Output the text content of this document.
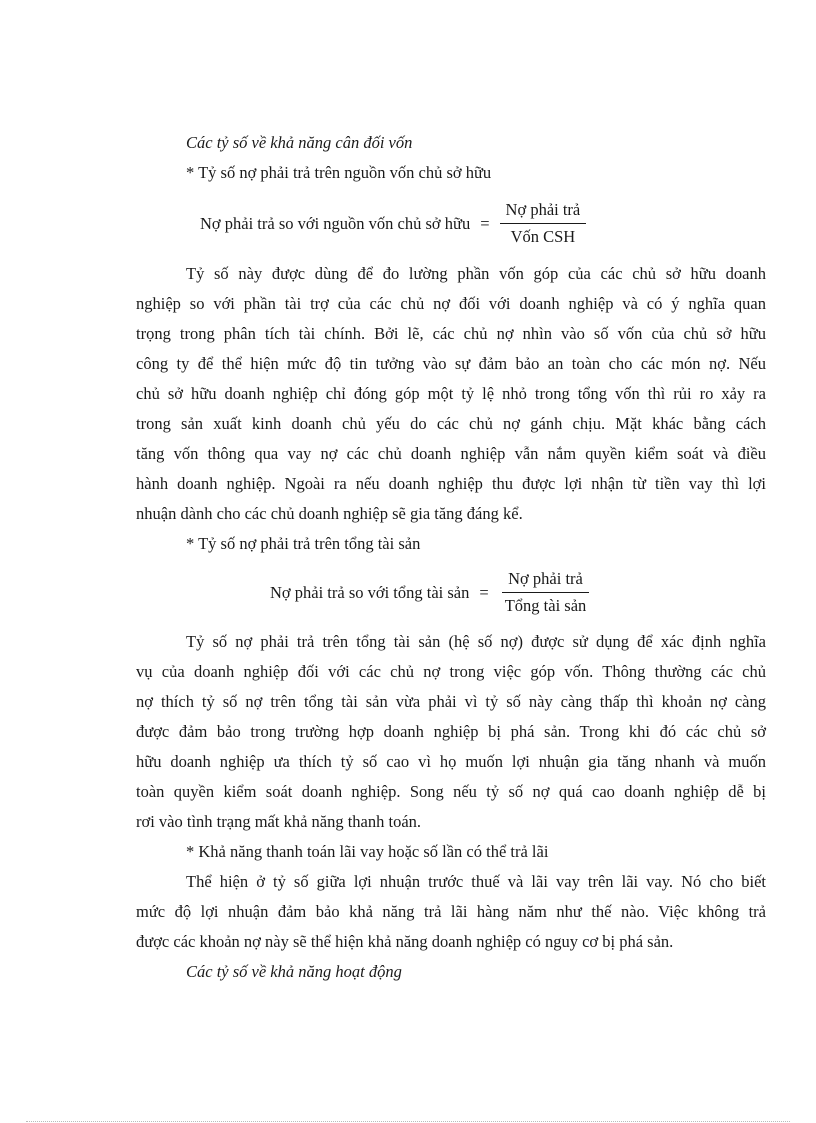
Các tỷ số về khả năng cân đối vốn

* Tỷ số nợ phải trả trên nguồn vốn chủ sở hữu

Nợ phải trả so với nguồn vốn chủ sở hữu = $\frac{\text{Nợ phải trả}}{\text{Vốn CSH}}$

Tỷ số này được dùng để đo lường phần vốn góp của các chủ sở hữu doanh

nghiệp so với phần tài trợ của các chủ nợ đối với doanh nghiệp và có ý nghĩa quan

trọng trong phân tích tài chính. Bởi lẽ, các chủ nợ nhìn vào số vốn của chủ sở hữu

công ty để thể hiện mức độ tin tưởng vào sự đảm bảo an toàn cho các món nợ. Nếu

chủ sở hữu doanh nghiệp chỉ đóng góp một tỷ lệ nhỏ trong tổng vốn thì rủi ro xảy ra

trong sản xuất kinh doanh chủ yếu do các chủ nợ gánh chịu. Mặt khác bằng cách

tăng vốn thông qua vay nợ các chủ doanh nghiệp vẫn nắm quyền kiểm soát và điều

hành doanh nghiệp. Ngoài ra nếu doanh nghiệp thu được lợi nhận từ tiền vay thì lợi

nhuận dành cho các chủ doanh nghiệp sẽ gia tăng đáng kể.

* Tỷ số nợ phải trả trên tổng tài sản

Nợ phải trả so với tổng tài sản = $\frac{\text{Nợ phải trả}}{\text{Tổng tài sản}}$

Tỷ số nợ phải trả trên tổng tài sản (hệ số nợ) được sử dụng để xác định nghĩa

vụ của doanh nghiệp đối với các chủ nợ trong việc góp vốn. Thông thường các chủ

nợ thích tỷ số nợ trên tổng tài sản vừa phải vì tỷ số này càng thấp thì khoản nợ càng

được đảm bảo trong trường hợp doanh nghiệp bị phá sản. Trong khi đó các chủ sở

hữu doanh nghiệp ưa thích tỷ số cao vì họ muốn lợi nhuận gia tăng nhanh và muốn

toàn quyền kiểm soát doanh nghiệp. Song nếu tỷ số nợ quá cao doanh nghiệp dễ bị

rơi vào tình trạng mất khả năng thanh toán.

* Khả năng thanh toán lãi vay hoặc số lần có thể trả lãi

Thể hiện ở tỷ số giữa lợi nhuận trước thuế và lãi vay trên lãi vay. Nó cho biết

mức độ lợi nhuận đảm bảo khả năng trả lãi hàng năm như thế nào. Việc không trả

được các khoản nợ này sẽ thể hiện khả năng doanh nghiệp có nguy cơ bị phá sản.

Các tỷ số về khả năng hoạt động
